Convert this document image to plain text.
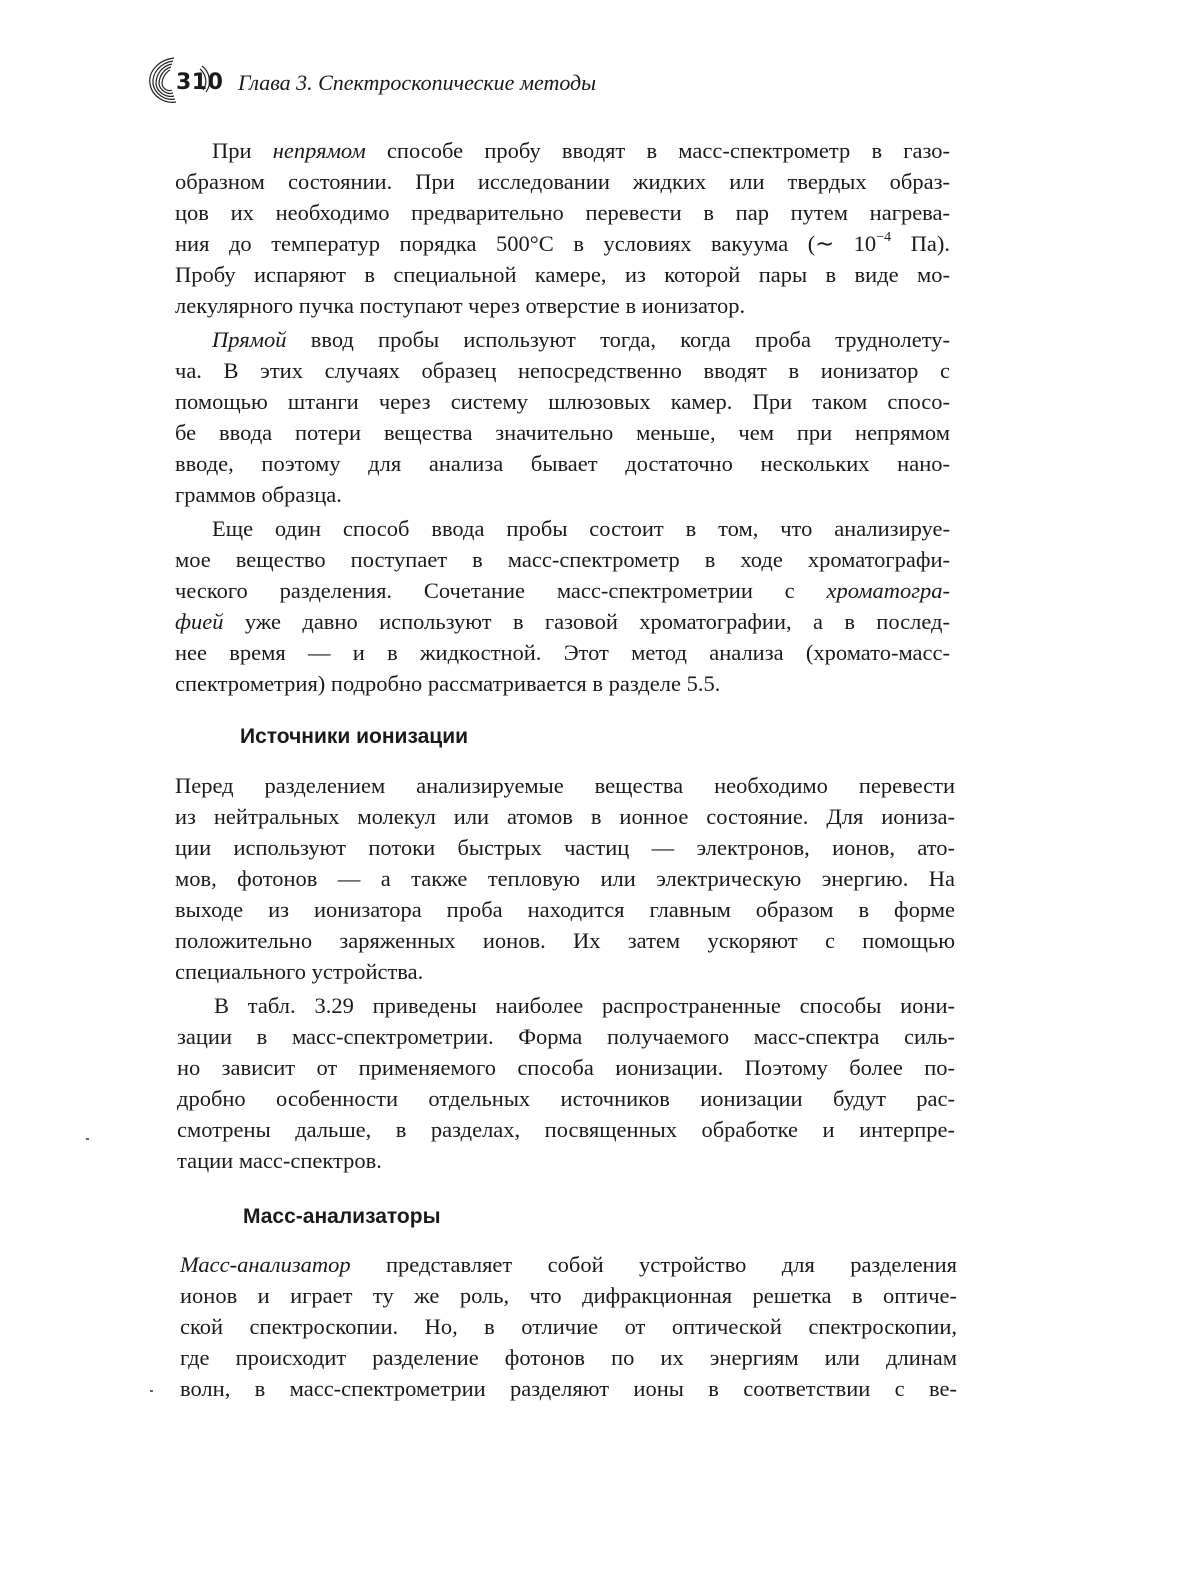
310 Глава 3. Спектроскопические методы
При непрямом способе пробу вводят в масс-спектрометр в газо-
образном состоянии. При исследовании жидких или твердых образ-
цов их необходимо предварительно перевести в пар путем нагрева-
ния до температур порядка 500°C в условиях вакуума (∼ $10^{-4}$ Па).
Пробу испаряют в специальной камере, из которой пары в виде мо-
лекулярного пучка поступают через отверстие в ионизатор.
Прямой ввод пробы используют тогда, когда проба труднолету-
ча. В этих случаях образец непосредственно вводят в ионизатор с
помощью штанги через систему шлюзовых камер. При таком спосо-
бе ввода потери вещества значительно меньше, чем при непрямом
вводе, поэтому для анализа бывает достаточно нескольких нано-
граммов образца.
Еще один способ ввода пробы состоит в том, что анализируе-
мое вещество поступает в масс-спектрометр в ходе хроматографи-
ческого разделения. Сочетание масс-спектрометрии с хроматогра-
фией уже давно используют в газовой хроматографии, а в послед-
нее время — и в жидкостной. Этот метод анализа (хромато-масс-
спектрометрия) подробно рассматривается в разделе 5.5.
Источники ионизации
Перед разделением анализируемые вещества необходимо перевести
из нейтральных молекул или атомов в ионное состояние. Для иониза-
ции используют потоки быстрых частиц — электронов, ионов, ато-
мов, фотонов — а также тепловую или электрическую энергию. На
выходе из ионизатора проба находится главным образом в форме
положительно заряженных ионов. Их затем ускоряют с помощью
специального устройства.
В табл. 3.29 приведены наиболее распространенные способы иони-
зации в масс-спектрометрии. Форма получаемого масс-спектра силь-
но зависит от применяемого способа ионизации. Поэтому более по-
дробно особенности отдельных источников ионизации будут рас-
смотрены дальше, в разделах, посвященных обработке и интерпре-
тации масс-спектров.
Масс-анализаторы
Масс-анализатор представляет собой устройство для разделения
ионов и играет ту же роль, что дифракционная решетка в оптиче-
ской спектроскопии. Но, в отличие от оптической спектроскопии,
где происходит разделение фотонов по их энергиям или длинам
волн, в масс-спектрометрии разделяют ионы в соответствии с ве-
